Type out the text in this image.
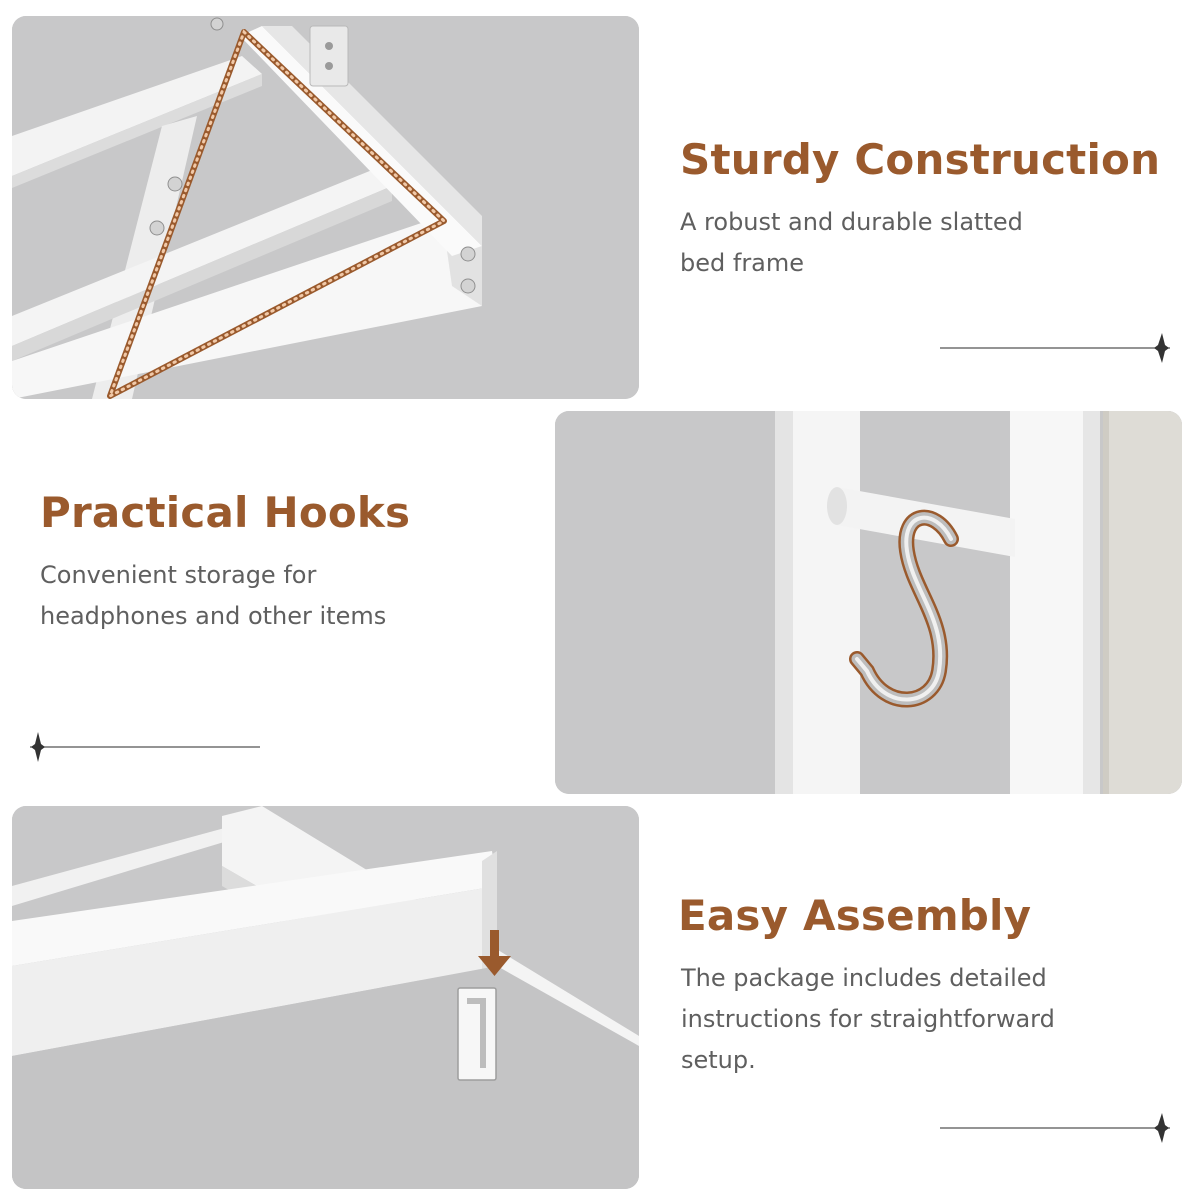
Sturdy Construction

A robust and durable slatted
bed frame

Practical Hooks

Convenient storage for
headphones and other items

Easy Assembly

The package includes detailed
instructions for straightforward
setup.
